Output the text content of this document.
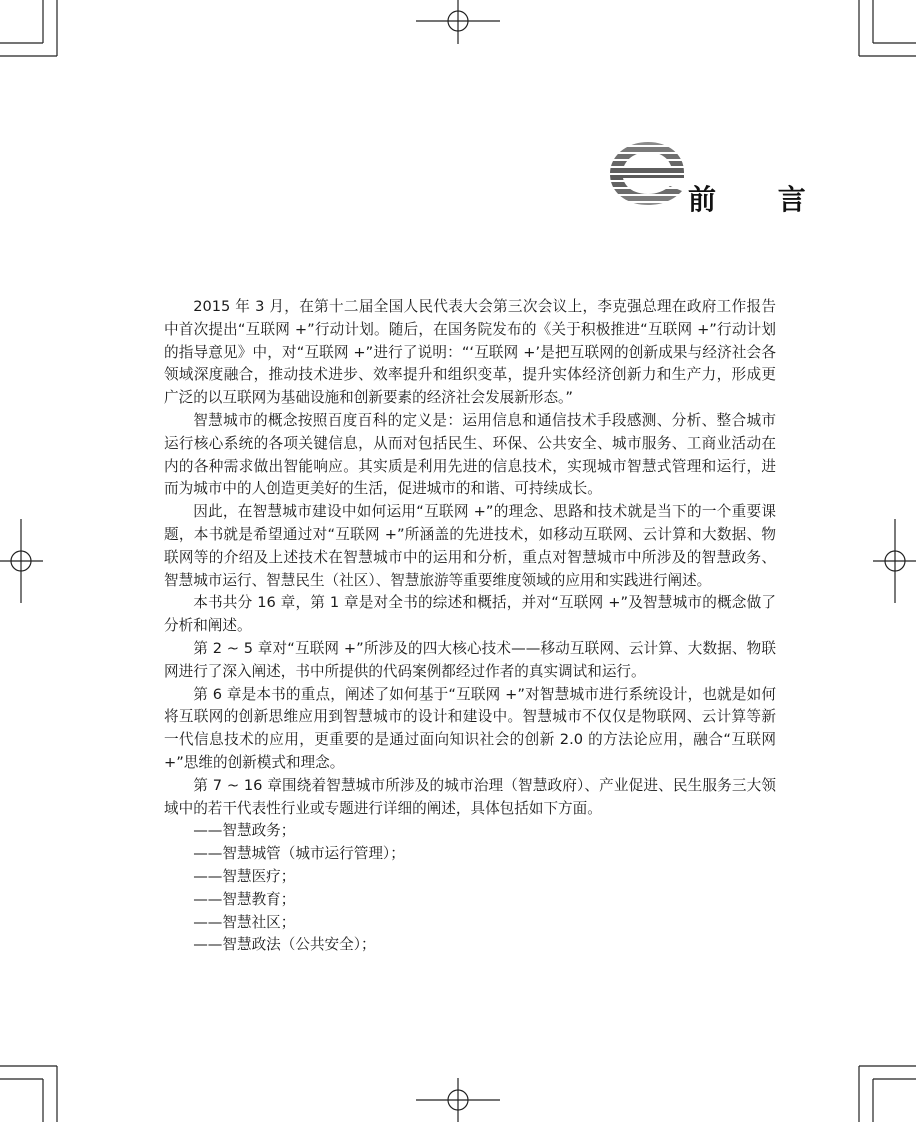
前 言

2015 年 3 月，在第十二届全国人民代表大会第三次会议上，李克强总理在政府工作报告中首次提出“互联网 +”行动计划。随后，在国务院发布的《关于积极推进“互联网 +”行动计划的指导意见》中，对“互联网 +”进行了说明：“‘互联网 +’是把互联网的创新成果与经济社会各领域深度融合，推动技术进步、效率提升和组织变革，提升实体经济创新力和生产力，形成更广泛的以互联网为基础设施和创新要素的经济社会发展新形态。”

智慧城市的概念按照百度百科的定义是：运用信息和通信技术手段感测、分析、整合城市运行核心系统的各项关键信息，从而对包括民生、环保、公共安全、城市服务、工商业活动在内的各种需求做出智能响应。其实质是利用先进的信息技术，实现城市智慧式管理和运行，进而为城市中的人创造更美好的生活，促进城市的和谐、可持续成长。

因此，在智慧城市建设中如何运用“互联网 +”的理念、思路和技术就是当下的一个重要课题，本书就是希望通过对“互联网 +”所涵盖的先进技术，如移动互联网、云计算和大数据、物联网等的介绍及上述技术在智慧城市中的运用和分析，重点对智慧城市中所涉及的智慧政务、智慧城市运行、智慧民生（社区）、智慧旅游等重要维度领域的应用和实践进行阐述。

本书共分 16 章，第 1 章是对全书的综述和概括，并对“互联网 +”及智慧城市的概念做了分析和阐述。

第 2 ~ 5 章对“互联网 +”所涉及的四大核心技术——移动互联网、云计算、大数据、物联网进行了深入阐述，书中所提供的代码案例都经过作者的真实调试和运行。

第 6 章是本书的重点，阐述了如何基于“互联网 +”对智慧城市进行系统设计，也就是如何将互联网的创新思维应用到智慧城市的设计和建设中。智慧城市不仅仅是物联网、云计算等新一代信息技术的应用，更重要的是通过面向知识社会的创新 2.0 的方法论应用，融合“互联网 +”思维的创新模式和理念。

第 7 ~ 16 章围绕着智慧城市所涉及的城市治理（智慧政府）、产业促进、民生服务三大领域中的若干代表性行业或专题进行详细的阐述，具体包括如下方面。

——智慧政务；

——智慧城管（城市运行管理）；

——智慧医疗；

——智慧教育；

——智慧社区；

——智慧政法（公共安全）；
